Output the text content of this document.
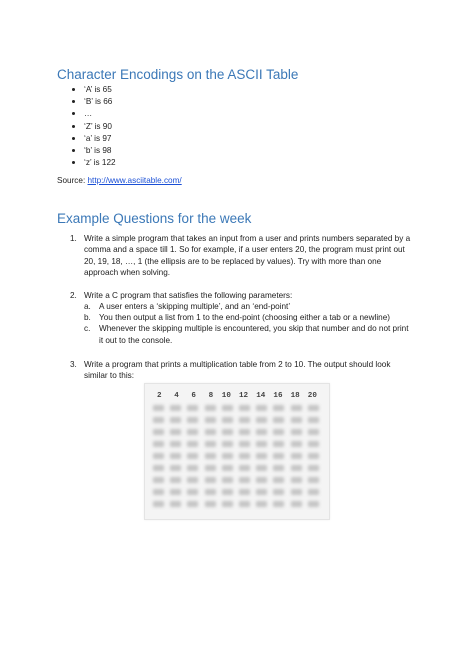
Character Encodings on the ASCII Table
‘A’ is 65
‘B’ is 66
…
‘Z’ is 90
‘a’ is 97
‘b’ is 98
‘z’ is 122
Source: http://www.asciitable.com/
Example Questions for the week
1. Write a simple program that takes an input from a user and prints numbers separated by a comma and a space till 1. So for example, if a user enters 20, the program must print out 20, 19, 18, …, 1 (the ellipsis are to be replaced by values). Try with more than one approach when solving.
2. Write a C program that satisfies the following parameters:
a. A user enters a ‘skipping multiple’, and an ‘end-point’
b. You then output a list from 1 to the end-point (choosing either a tab or a newline)
c. Whenever the skipping multiple is encountered, you skip that number and do not print it out to the console.
3. Write a program that prints a multiplication table from 2 to 10. The output should look similar to this:
2 4 6 8 10 12 14 16 18 20
